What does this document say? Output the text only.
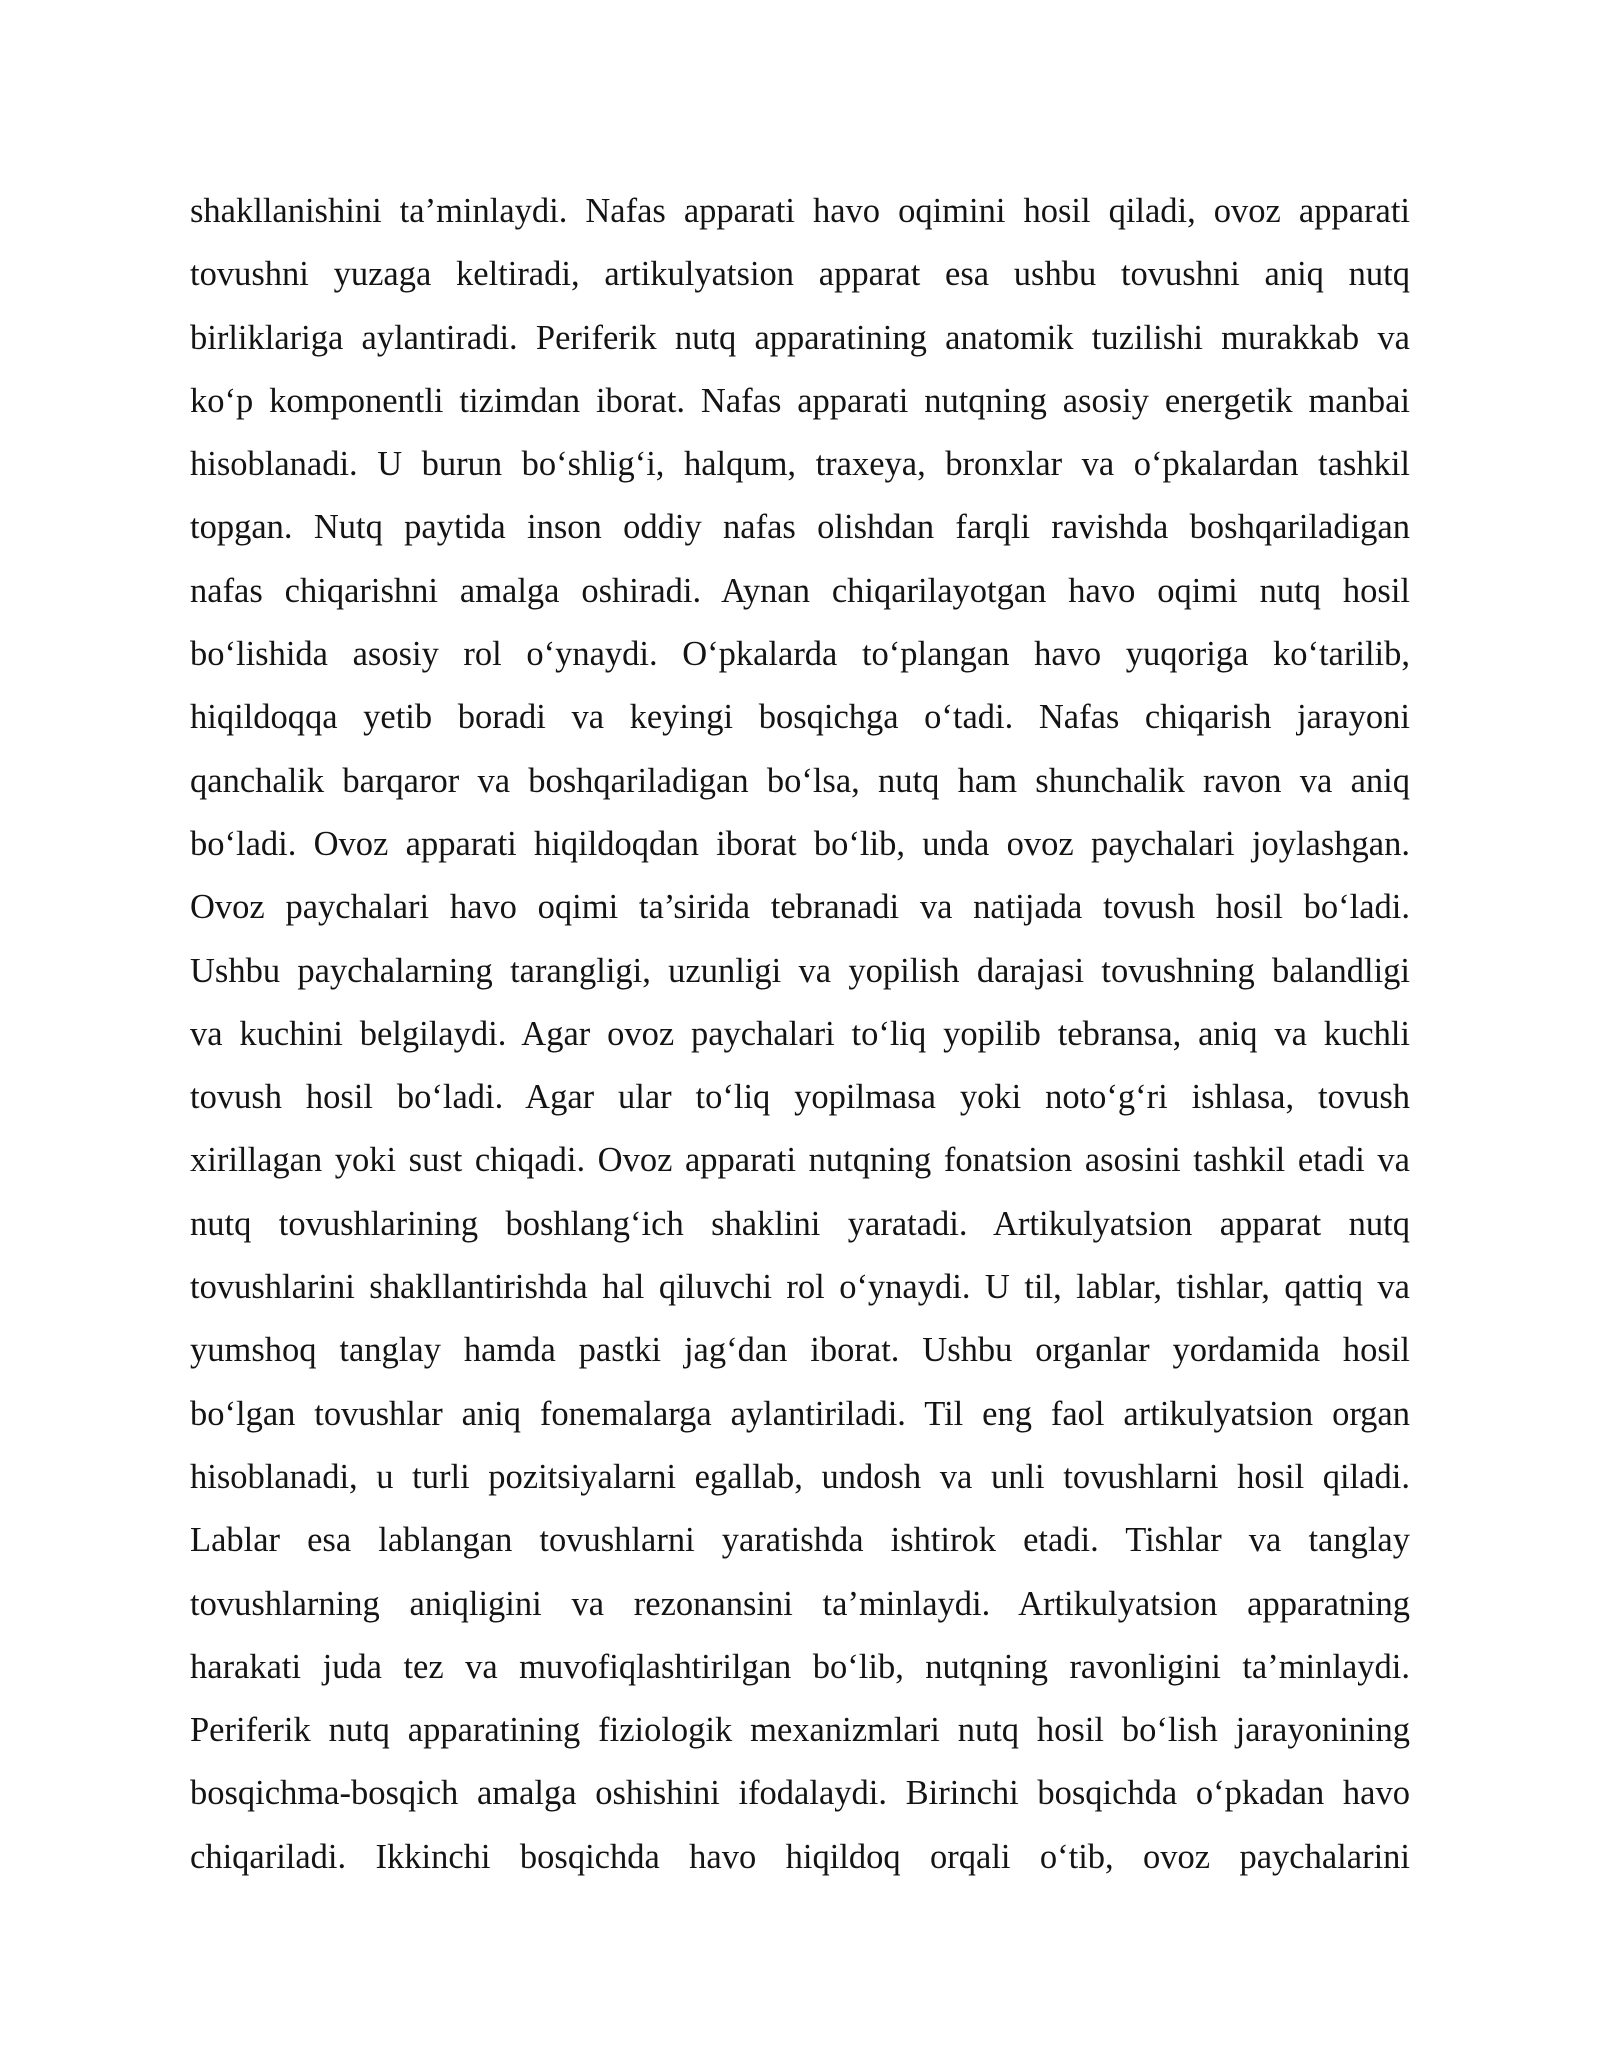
shakllanishini ta’minlaydi. Nafas apparati havo oqimini hosil qiladi, ovoz apparati
tovushni yuzaga keltiradi, artikulyatsion apparat esa ushbu tovushni aniq nutq
birliklariga aylantiradi. Periferik nutq apparatining anatomik tuzilishi murakkab va
ko‘p komponentli tizimdan iborat. Nafas apparati nutqning asosiy energetik manbai
hisoblanadi. U burun bo‘shlig‘i, halqum, traxeya, bronxlar va o‘pkalardan tashkil
topgan. Nutq paytida inson oddiy nafas olishdan farqli ravishda boshqariladigan
nafas chiqarishni amalga oshiradi. Aynan chiqarilayotgan havo oqimi nutq hosil
bo‘lishida asosiy rol o‘ynaydi. O‘pkalarda to‘plangan havo yuqoriga ko‘tarilib,
hiqildoqqa yetib boradi va keyingi bosqichga o‘tadi. Nafas chiqarish jarayoni
qanchalik barqaror va boshqariladigan bo‘lsa, nutq ham shunchalik ravon va aniq
bo‘ladi. Ovoz apparati hiqildoqdan iborat bo‘lib, unda ovoz paychalari joylashgan.
Ovoz paychalari havo oqimi ta’sirida tebranadi va natijada tovush hosil bo‘ladi.
Ushbu paychalarning tarangligi, uzunligi va yopilish darajasi tovushning balandligi
va kuchini belgilaydi. Agar ovoz paychalari to‘liq yopilib tebransa, aniq va kuchli
tovush hosil bo‘ladi. Agar ular to‘liq yopilmasa yoki noto‘g‘ri ishlasa, tovush
xirillagan yoki sust chiqadi. Ovoz apparati nutqning fonatsion asosini tashkil etadi va
nutq tovushlarining boshlang‘ich shaklini yaratadi. Artikulyatsion apparat nutq
tovushlarini shakllantirishda hal qiluvchi rol o‘ynaydi. U til, lablar, tishlar, qattiq va
yumshoq tanglay hamda pastki jag‘dan iborat. Ushbu organlar yordamida hosil
bo‘lgan tovushlar aniq fonemalarga aylantiriladi. Til eng faol artikulyatsion organ
hisoblanadi, u turli pozitsiyalarni egallab, undosh va unli tovushlarni hosil qiladi.
Lablar esa lablangan tovushlarni yaratishda ishtirok etadi. Tishlar va tanglay
tovushlarning aniqligini va rezonansini ta’minlaydi. Artikulyatsion apparatning
harakati juda tez va muvofiqlashtirilgan bo‘lib, nutqning ravonligini ta’minlaydi.
Periferik nutq apparatining fiziologik mexanizmlari nutq hosil bo‘lish jarayonining
bosqichma-bosqich amalga oshishini ifodalaydi. Birinchi bosqichda o‘pkadan havo
chiqariladi. Ikkinchi bosqichda havo hiqildoq orqali o‘tib, ovoz paychalarini
